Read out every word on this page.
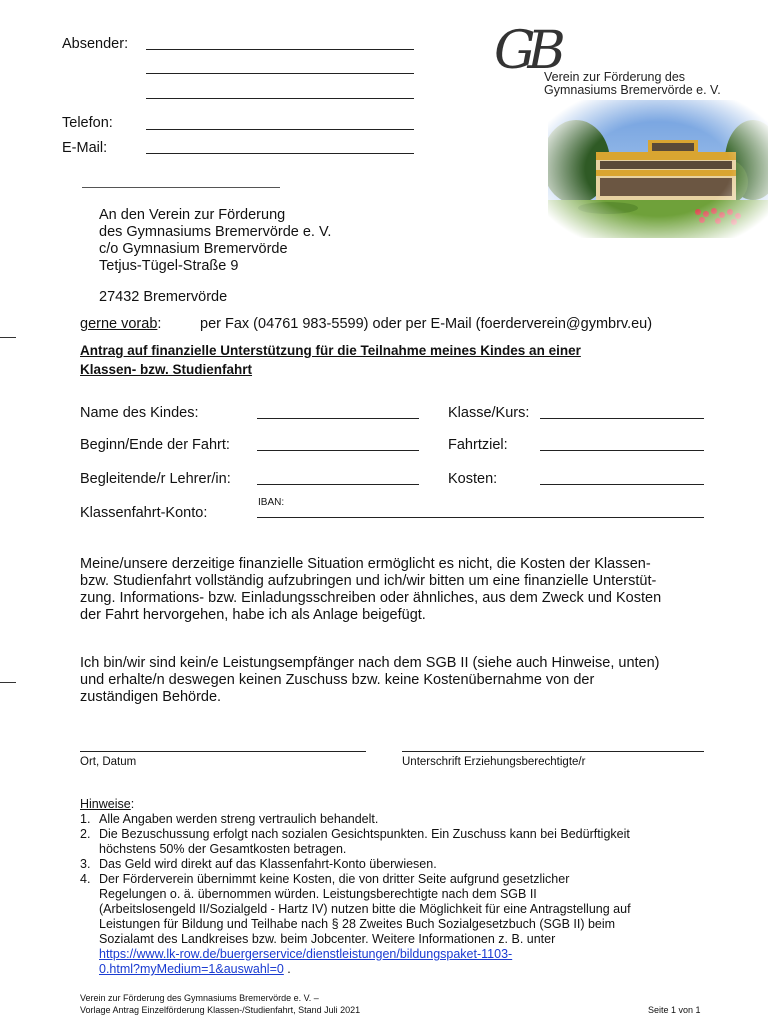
Absender:
Telefon:
E-Mail:
GB
Verein zur Förderung des
Gymnasiums Bremervörde e. V.
An den Verein zur Förderung
des Gymnasiums Bremervörde e. V.
c/o Gymnasium Bremervörde
Tetjus-Tügel-Straße 9
27432 Bremervörde
gerne vorab:	per Fax (04761 983-5599) oder per E-Mail (foerderverein@gymbrv.eu)
Antrag auf finanzielle Unterstützung für die Teilnahme meines Kindes an einer
Klassen- bzw. Studienfahrt
Name des Kindes:	Klasse/Kurs:
Beginn/Ende der Fahrt:	Fahrtziel:
Begleitende/r Lehrer/in:	Kosten:
IBAN:
Klassenfahrt-Konto:
Meine/unsere derzeitige finanzielle Situation ermöglicht es nicht, die Kosten der Klassen-
bzw. Studienfahrt vollständig aufzubringen und ich/wir bitten um eine finanzielle Unterstüt-
zung. Informations- bzw. Einladungsschreiben oder ähnliches, aus dem Zweck und Kosten
der Fahrt hervorgehen, habe ich als Anlage beigefügt.
Ich bin/wir sind kein/e Leistungsempfänger nach dem SGB II (siehe auch Hinweise, unten)
und erhalte/n deswegen keinen Zuschuss bzw. keine Kostenübernahme von der
zuständigen Behörde.
Ort, Datum	Unterschrift Erziehungsberechtigte/r
Hinweise:
1. Alle Angaben werden streng vertraulich behandelt.
2. Die Bezuschussung erfolgt nach sozialen Gesichtspunkten. Ein Zuschuss kann bei Bedürftigkeit
höchstens 50% der Gesamtkosten betragen.
3. Das Geld wird direkt auf das Klassenfahrt-Konto überwiesen.
4. Der Förderverein übernimmt keine Kosten, die von dritter Seite aufgrund gesetzlicher
Regelungen o. ä. übernommen würden. Leistungsberechtigte nach dem SGB II
(Arbeitslosengeld II/Sozialgeld - Hartz IV) nutzen bitte die Möglichkeit für eine Antragstellung auf
Leistungen für Bildung und Teilhabe nach § 28 Zweites Buch Sozialgesetzbuch (SGB II) beim
Sozialamt des Landkreises bzw. beim Jobcenter. Weitere Informationen z. B. unter
https://www.lk-row.de/buergerservice/dienstleistungen/bildungspaket-1103-
0.html?myMedium=1&auswahl=0 .
Verein zur Förderung des Gymnasiums Bremervörde e. V. –
Vorlage Antrag Einzelförderung Klassen-/Studienfahrt, Stand Juli 2021	Seite 1 von 1
